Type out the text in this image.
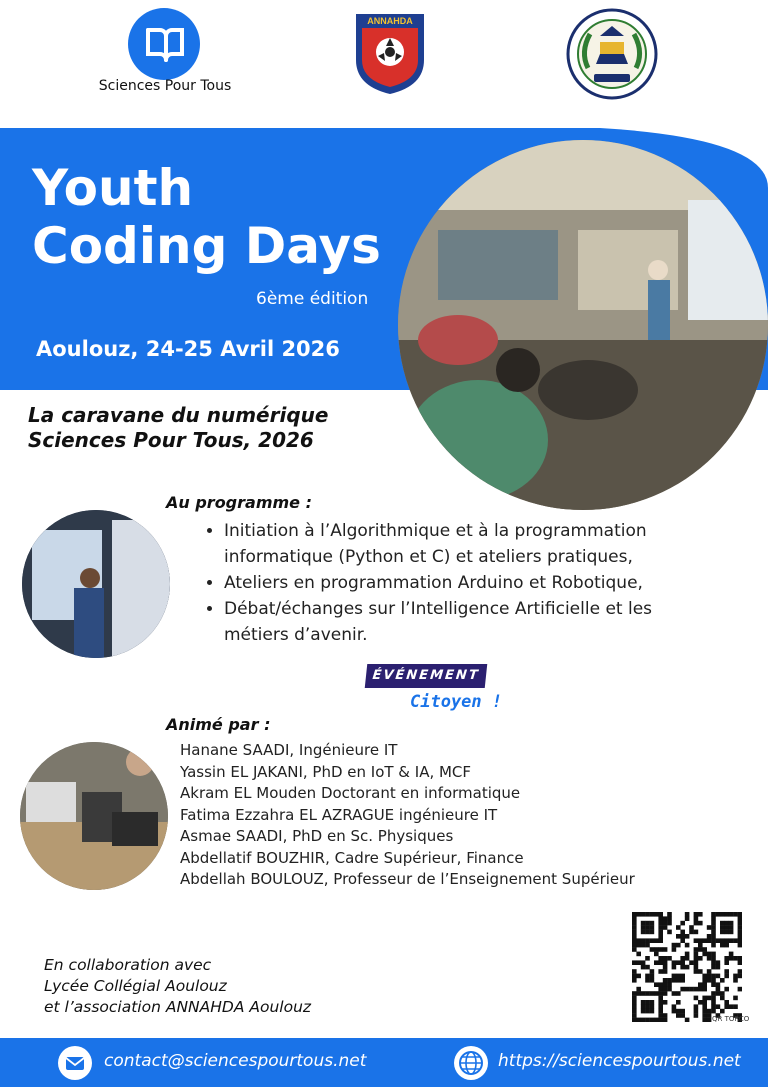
Sciences Pour Tous
ANNAHDA
Youth
Coding Days
6ème édition
Aoulouz, 24-25 Avril 2026
La caravane du numérique
Sciences Pour Tous, 2026
Au programme :
• Initiation à l’Algorithmique et à la programmation
informatique (Python et C) et ateliers pratiques,
• Ateliers en programmation Arduino et Robotique,
• Débat/échanges sur l’Intelligence Artificielle et les
métiers d’avenir.
ÉVÉNEMENT
Citoyen !
Animé par :
Hanane SAADI, Ingénieure IT
Yassin EL JAKANI, PhD en IoT & IA, MCF
Akram EL Mouden Doctorant en informatique
Fatima Ezzahra EL AZRAGUE ingénieure IT
Asmae SAADI, PhD en Sc. Physiques
Abdellatif BOUZHIR, Cadre Supérieur, Finance
Abdellah BOULOUZ, Professeur de l’Enseignement Supérieur
En collaboration avec
Lycée Collégial Aoulouz
et l’association ANNAHDA Aoulouz
QR TORCO
contact@sciencespourtous.net	https://sciencespourtous.net
